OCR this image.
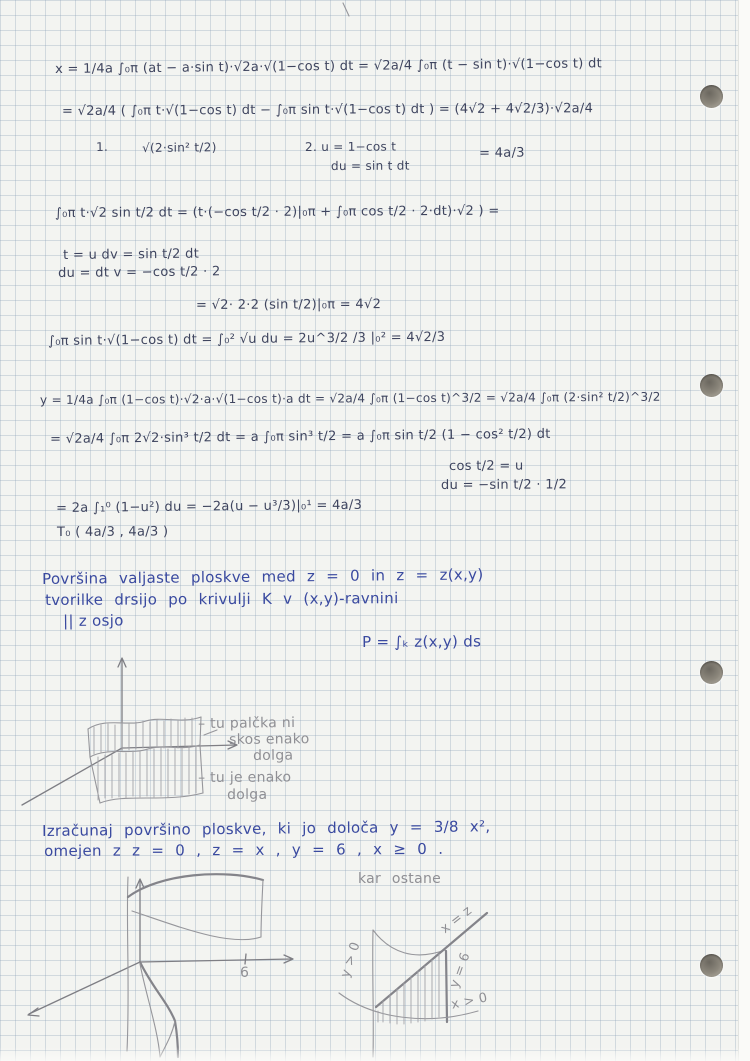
x = 1/4a ∫₀π (at − a·sin t)·√2a·√(1−cos t) dt = √2a/4 ∫₀π (t − sin t)·√(1−cos t) dt
= √2a/4 ( ∫₀π t·√(1−cos t) dt − ∫₀π sin t·√(1−cos t) dt ) = (4√2 + 4√2/3)·√2a/4
1.	√(2·sin² t/2)	2. u = 1−cos t
du = sin t dt
= 4a/3
∫₀π t·√2 sin t/2 dt = (t·(−cos t/2 · 2)|₀π + ∫₀π cos t/2 · 2·dt)·√2 ) =
t = u dv = sin t/2 dt
du = dt v = −cos t/2 · 2
= √2· 2·2 (sin t/2)|₀π = 4√2
∫₀π sin t·√(1−cos t) dt = ∫₀² √u du = 2u^3/2 /3 |₀² = 4√2/3
y = 1/4a ∫₀π (1−cos t)·√2·a·√(1−cos t)·a dt = √2a/4 ∫₀π (1−cos t)^3/2 = √2a/4 ∫₀π (2·sin² t/2)^3/2
= √2a/4 ∫₀π 2√2·sin³ t/2 dt = a ∫₀π sin³ t/2 = a ∫₀π sin t/2 (1 − cos² t/2) dt
cos t/2 = u
du = −sin t/2 · 1/2
= 2a ∫₁⁰ (1−u²) du = −2a(u − u³/3)|₀¹ = 4a/3
T₀ ( 4a/3 , 4a/3 )
Površina valjaste ploskve med z = 0 in z = z(x,y)
tvorilke drsijo po krivulji K v (x,y)-ravnini
|| z osjo
P = ∫ₖ z(x,y) ds
– tu palčka ni
skos enako
dolga
– tu je enako
dolga
Izračunaj površino ploskve, ki jo določa y = 3/8 x²,
omejen z z = 0 , z = x , y = 6 , x ≥ 0 .
6
kar ostane
y > 0
x = z
y = 6
x > 0
